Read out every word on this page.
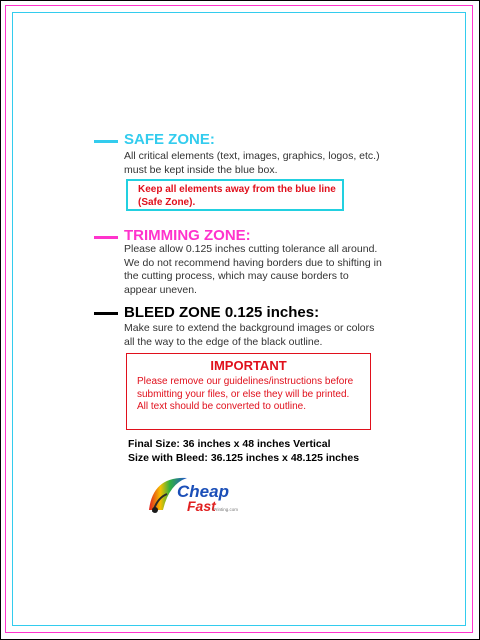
SAFE ZONE:
All critical elements (text, images, graphics, logos, etc.)
must be kept inside the blue box.
Keep all elements away from the blue line
(Safe Zone).
TRIMMING ZONE:
Please allow 0.125 inches cutting tolerance all around.
We do not recommend having borders due to shifting in
the cutting process, which may cause borders to
appear uneven.
BLEED ZONE 0.125 inches:
Make sure to extend the background images or colors
all the way to the edge of the black outline.
IMPORTANT
Please remove our guidelines/instructions before
submitting your files, or else they will be printed.
All text should be converted to outline.
Final Size: 36 inches x 48 inches Vertical
Size with Bleed: 36.125 inches x 48.125 inches
Cheap
Fast
Printing.com
